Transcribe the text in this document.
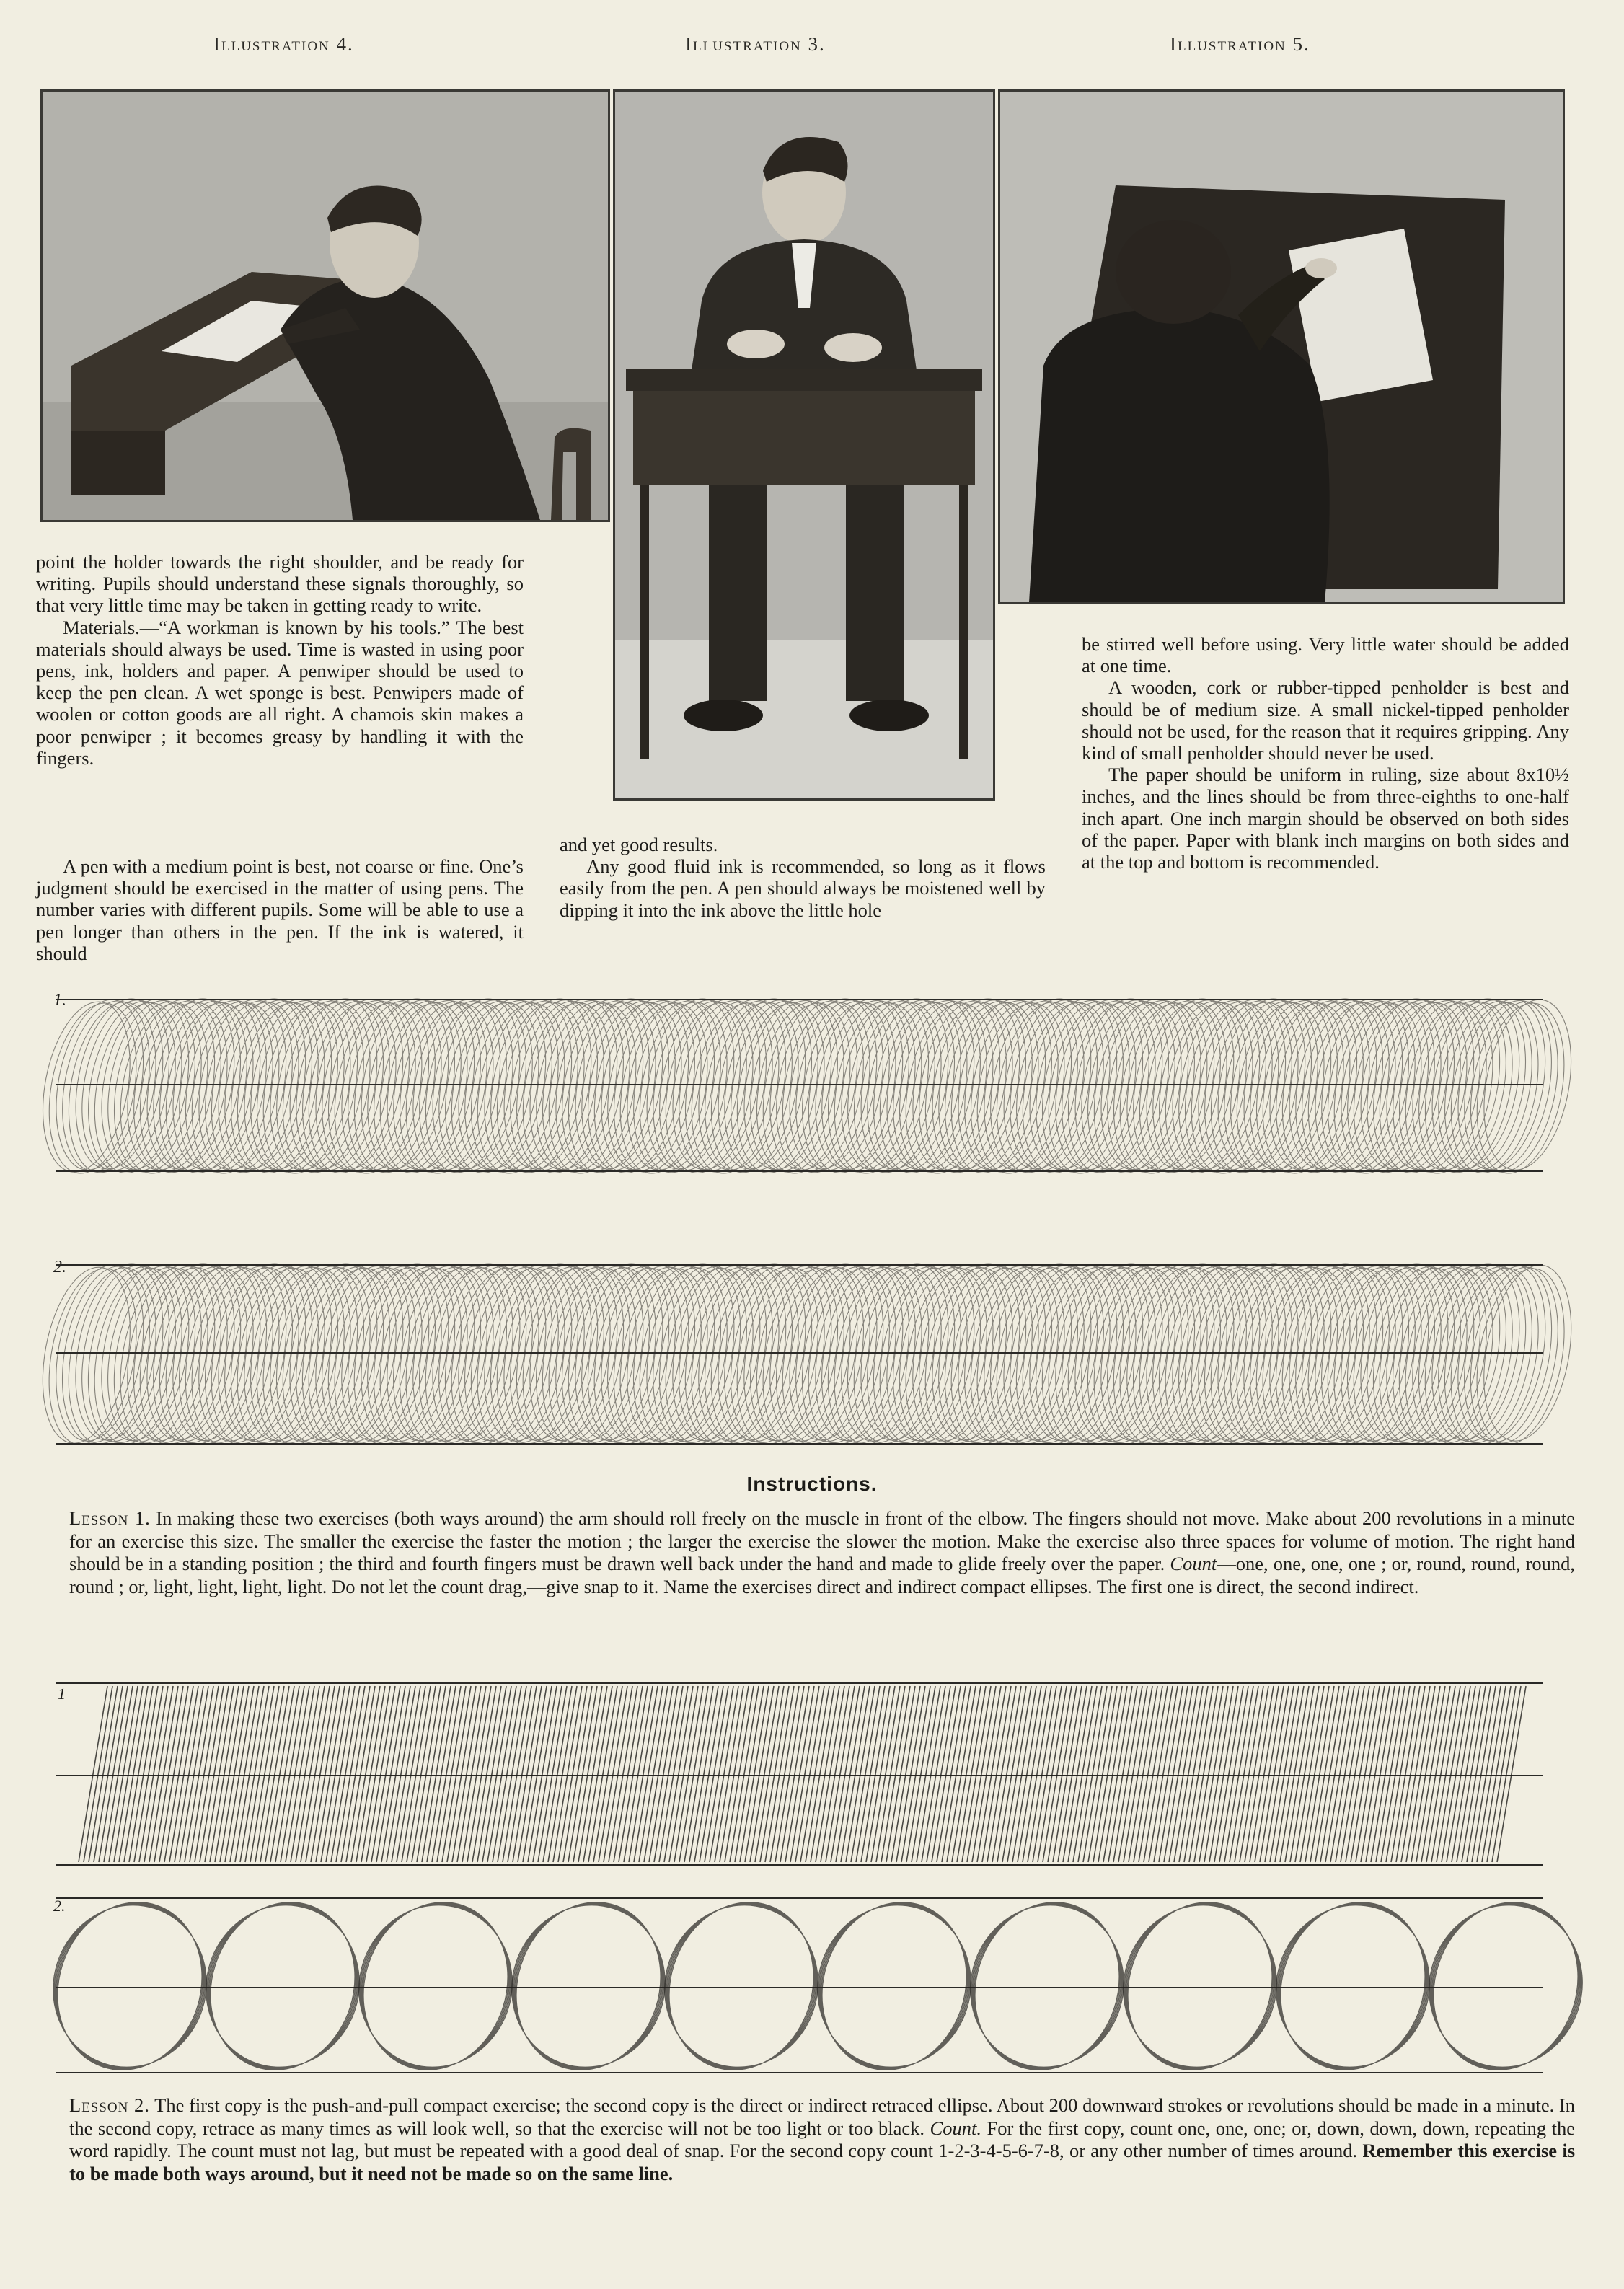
Illustration 4.	Illustration 3.	Illustration 5.

point the holder towards the right shoulder, and be ready for writing. Pupils should understand these signals thoroughly, so that very little time may be taken in getting ready to write.

Materials.—“A workman is known by his tools.” The best materials should always be used. Time is wasted in using poor pens, ink, holders and paper. A penwiper should be used to keep the pen clean. A wet sponge is best. Penwipers made of woolen or cotton goods are all right. A chamois skin makes a poor penwiper ; it becomes greasy by handling it with the fingers.

A pen with a medium point is best, not coarse or fine. One’s judgment should be exercised in the matter of using pens. The number varies with different pupils. Some will be able to use a pen longer than others in the pen. If the ink is watered, it should

and yet good results.

Any good fluid ink is recommended, so long as it flows easily from the pen. A pen should always be moistened well by dipping it into the ink above the little hole

be stirred well before using. Very little water should be added at one time.

A wooden, cork or rubber-tipped penholder is best and should be of medium size. A small nickel-tipped penholder should not be used, for the reason that it requires gripping. Any kind of small penholder should never be used.

The paper should be uniform in ruling, size about 8x10½ inches, and the lines should be from three-eighths to one-half inch apart. One inch margin should be observed on both sides of the paper. Paper with blank inch margins on both sides and at the top and bottom is recommended.

1.
2.
Instructions.
Lesson 1. In making these two exercises (both ways around) the arm should roll freely on the muscle in front of the elbow. The fingers should not move. Make about 200 revolutions in a minute for an exercise this size. The smaller the exercise the faster the motion ; the larger the exercise the slower the motion. Make the exercise also three spaces for volume of motion. The right hand should be in a standing position ; the third and fourth fingers must be drawn well back under the hand and made to glide freely over the paper. Count—one, one, one, one ; or, round, round, round, round ; or, light, light, light, light. Do not let the count drag,—give snap to it. Name the exercises direct and indirect compact ellipses. The first one is direct, the second indirect.
1
2.
Lesson 2. The first copy is the push-and-pull compact exercise; the second copy is the direct or indirect retraced ellipse. About 200 downward strokes or revolutions should be made in a minute. In the second copy, retrace as many times as will look well, so that the exercise will not be too light or too black. Count. For the first copy, count one, one, one; or, down, down, down, repeating the word rapidly. The count must not lag, but must be repeated with a good deal of snap. For the second copy count 1-2-3-4-5-6-7-8, or any other number of times around. Remember this exercise is to be made both ways around, but it need not be made so on the same line.
